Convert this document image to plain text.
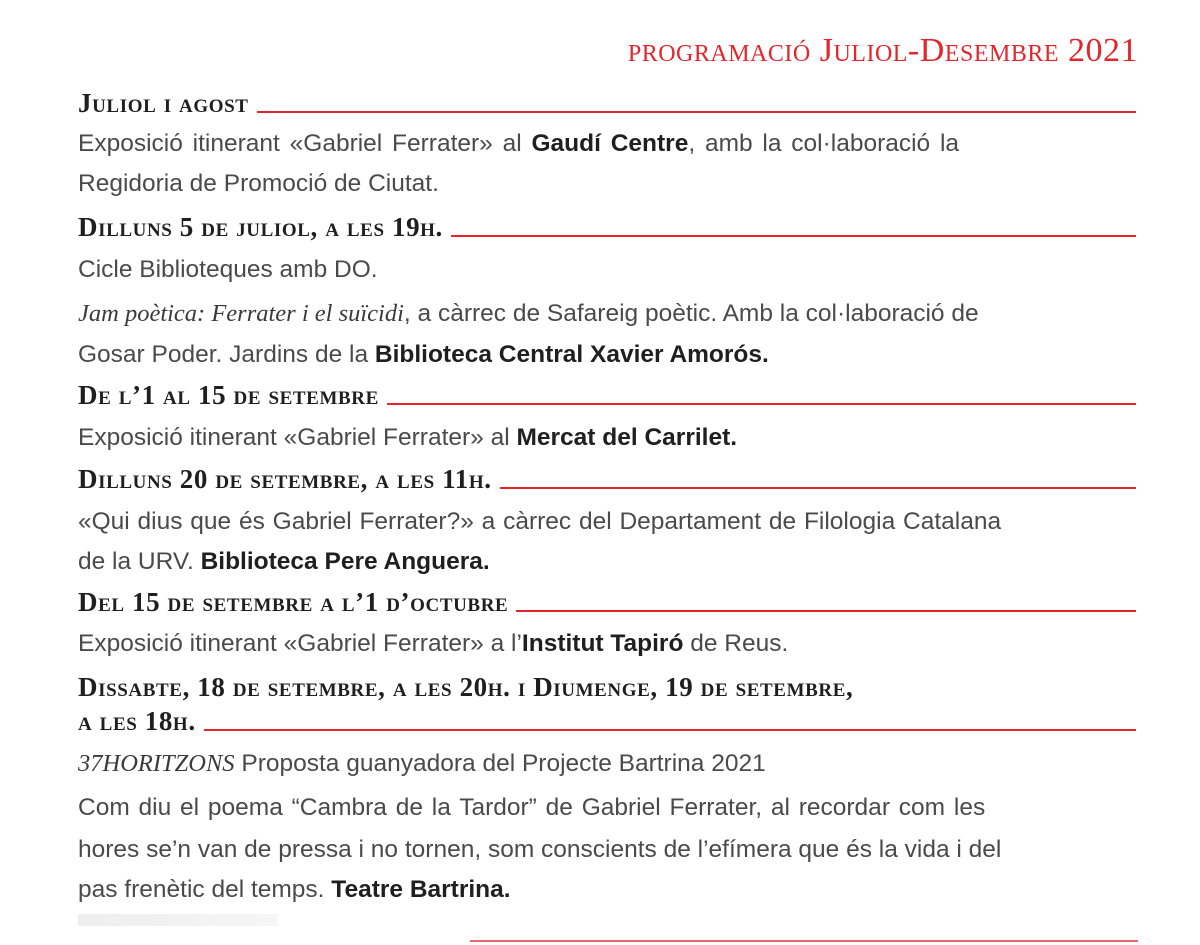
programació Juliol-Desembre 2021
Juliol i agost
Exposició itinerant «Gabriel Ferrater» al Gaudí Centre, amb la col·laboració la
Regidoria de Promoció de Ciutat.
Dilluns 5 de juliol, a les 19h.
Cicle Biblioteques amb DO.
Jam poètica: Ferrater i el suïcidi, a càrrec de Safareig poètic. Amb la col·laboració de
Gosar Poder. Jardins de la Biblioteca Central Xavier Amorós.
De l’1 al 15 de setembre
Exposició itinerant «Gabriel Ferrater» al Mercat del Carrilet.
Dilluns 20 de setembre, a les 11h.
«Qui dius que és Gabriel Ferrater?» a càrrec del Departament de Filologia Catalana
de la URV. Biblioteca Pere Anguera.
Del 15 de setembre a l’1 d’octubre
Exposició itinerant «Gabriel Ferrater» a l’Institut Tapiró de Reus.
Dissabte, 18 de setembre, a les 20h. i Diumenge, 19 de setembre,
a les 18h.
37HORITZONS Proposta guanyadora del Projecte Bartrina 2021
Com diu el poema “Cambra de la Tardor” de Gabriel Ferrater, al recordar com les
hores se’n van de pressa i no tornen, som conscients de l’efímera que és la vida i del
pas frenètic del temps. Teatre Bartrina.
